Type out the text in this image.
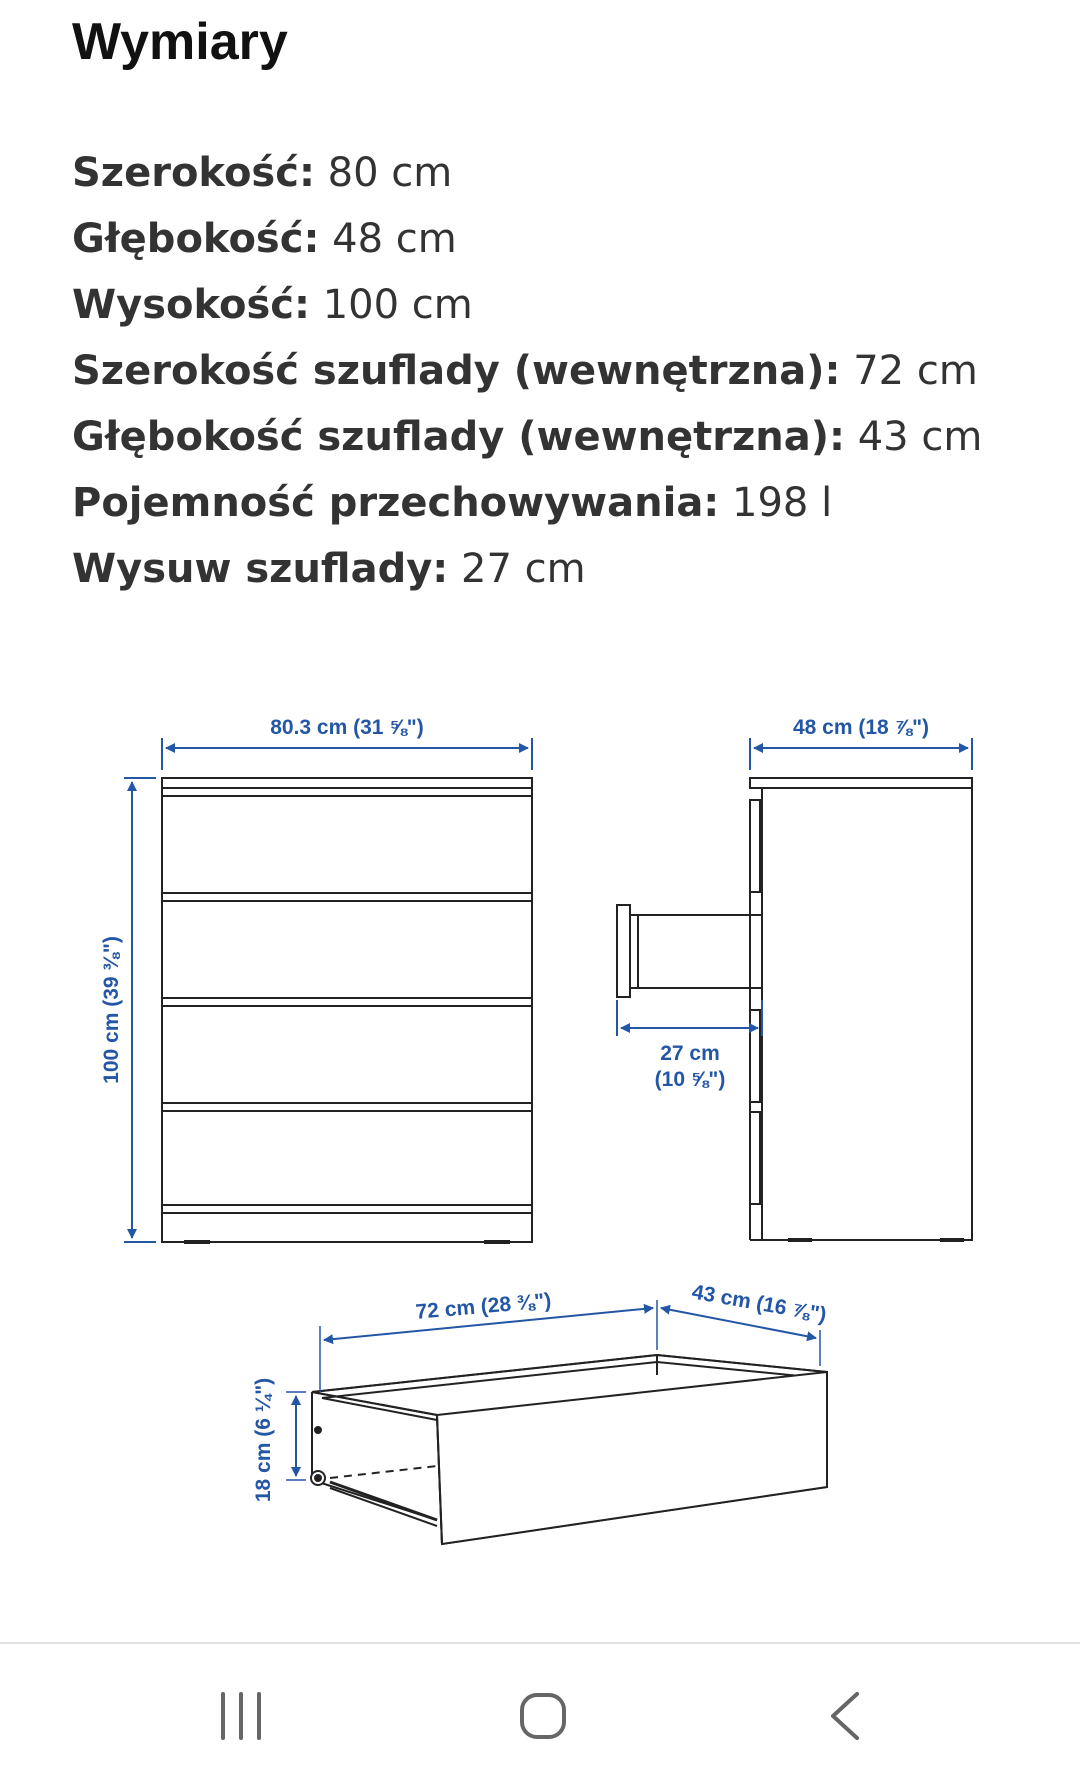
Wymiary
Szerokość: 80 cm
Głębokość: 48 cm
Wysokość: 100 cm
Szerokość szuflady (wewnętrzna): 72 cm
Głębokość szuflady (wewnętrzna): 43 cm
Pojemność przechowywania: 198 l
Wysuw szuflady: 27 cm
80.3 cm (31 ⅝")
100 cm (39 ⅜")
48 cm (18 ⅞")
27 cm
(10 ⅝")
72 cm (28 ⅜")	43 cm (16 ⅞")
18 cm (6 ¼")
